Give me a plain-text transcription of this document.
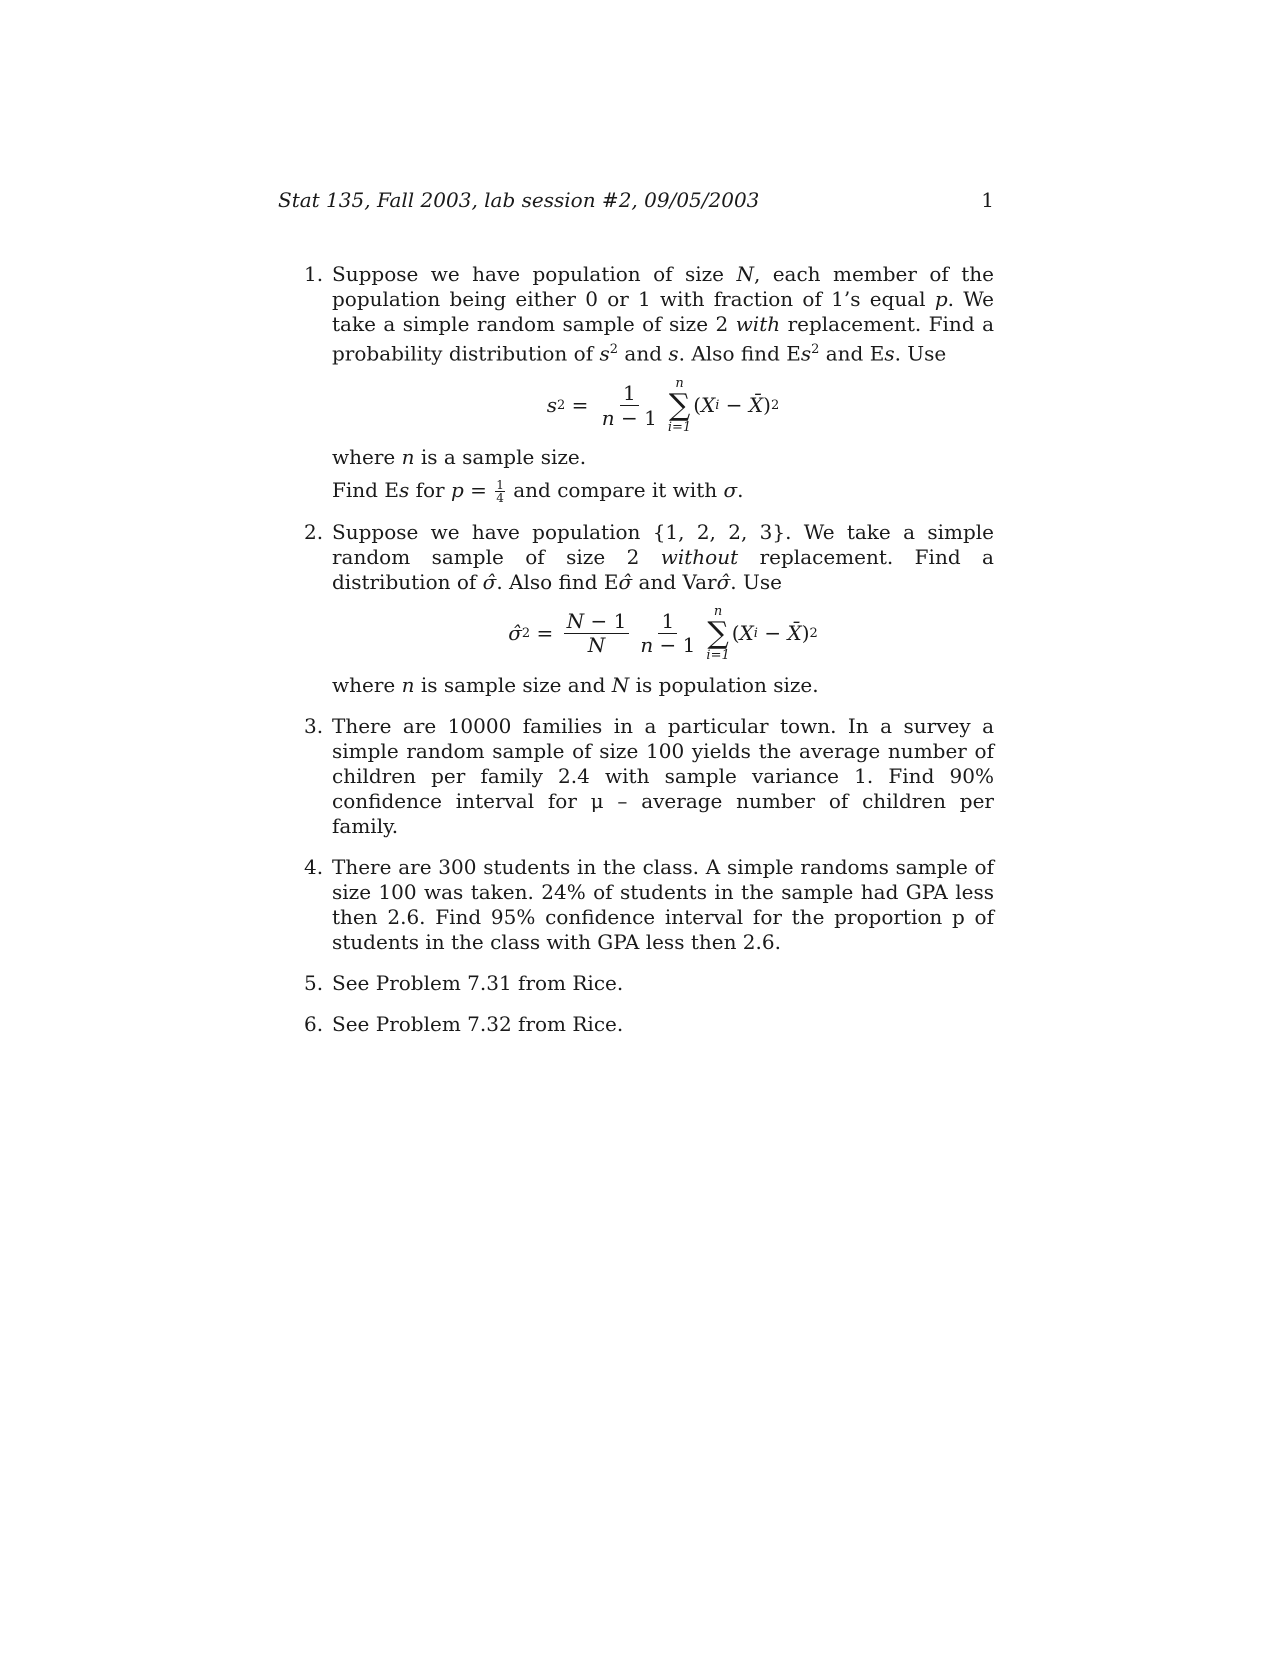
Stat 135, Fall 2003, lab session #2, 09/05/2003	1
1. Suppose we have population of size N, each member of the population being either 0 or 1 with fraction of 1’s equal p. We take a simple random sample of size 2 with replacement. Find a probability distribution of $s^2$ and s. Also find Es$^2$ and Es. Use

s $2 = \frac{1}{n - 1}$ n
∑
i=1
( X i − X̄ ) 2

where n is a sample size.

Find Es for $p = \frac{1}{4}$ and compare it with σ.

2. Suppose we have population {1, 2, 2, 3}. We take a simple random sample of size 2 without replacement. Find a distribution of σ̂. Also find Eσ̂ and Varσ̂. Use

σ̂ $2 = \frac{N - 1}{N} \frac{1}{n - 1}$ n
∑
i=1
( X i − X̄ ) 2

where n is sample size and N is population size.

3. There are 10000 families in a particular town. In a survey a simple random sample of size 100 yields the average number of children per family 2.4 with sample variance 1. Find 90% confidence interval for μ – average number of children per family.

4. There are 300 students in the class. A simple randoms sample of size 100 was taken. 24% of students in the sample had GPA less then 2.6. Find 95% confidence interval for the proportion p of students in the class with GPA less then 2.6.

5. See Problem 7.31 from Rice.

6. See Problem 7.32 from Rice.
